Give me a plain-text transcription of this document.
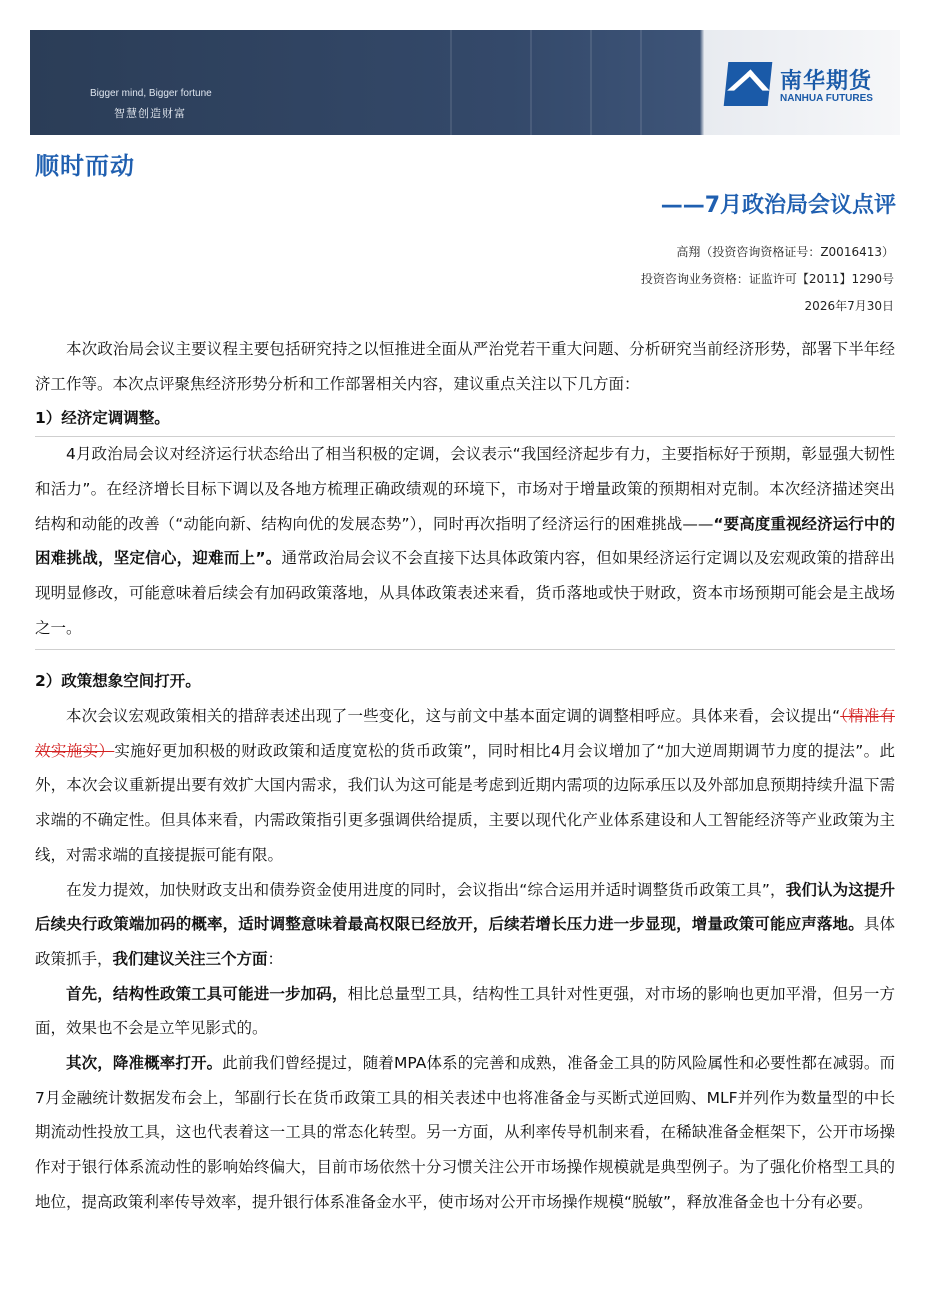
Bigger mind, Bigger fortune
智慧创造财富
南华期货
NANHUA FUTURES
顺时而动
——7月政治局会议点评
高翔（投资咨询资格证号：Z0016413）
投资咨询业务资格：证监许可【2011】1290号
2026年7月30日

本次政治局会议主要议程主要包括研究持之以恒推进全面从严治党若干重大问题、分析研究当前经济形势，部署下半年经济工作等。本次点评聚焦经济形势分析和工作部署相关内容，建议重点关注以下几方面：

1）经济定调调整。

4月政治局会议对经济运行状态给出了相当积极的定调，会议表示“我国经济起步有力，主要指标好于预期，彰显强大韧性和活力”。在经济增长目标下调以及各地方梳理正确政绩观的环境下，市场对于增量政策的预期相对克制。本次经济描述突出结构和动能的改善（“动能向新、结构向优的发展态势”），同时再次指明了经济运行的困难挑战——“要高度重视经济运行中的困难挑战，坚定信心，迎难而上”。通常政治局会议不会直接下达具体政策内容，但如果经济运行定调以及宏观政策的措辞出现明显修改，可能意味着后续会有加码政策落地，从具体政策表述来看，货币落地或快于财政，资本市场预期可能会是主战场之一。

2）政策想象空间打开。

本次会议宏观政策相关的措辞表述出现了一些变化，这与前文中基本面定调的调整相呼应。具体来看，会议提出“（精准有效实施实）实施好更加积极的财政政策和适度宽松的货币政策”，同时相比4月会议增加了“加大逆周期调节力度的提法”。此外，本次会议重新提出要有效扩大国内需求，我们认为这可能是考虑到近期内需项的边际承压以及外部加息预期持续升温下需求端的不确定性。但具体来看，内需政策指引更多强调供给提质，主要以现代化产业体系建设和人工智能经济等产业政策为主线，对需求端的直接提振可能有限。

在发力提效，加快财政支出和债券资金使用进度的同时，会议指出“综合运用并适时调整货币政策工具”，我们认为这提升后续央行政策端加码的概率，适时调整意味着最高权限已经放开，后续若增长压力进一步显现，增量政策可能应声落地。具体政策抓手，我们建议关注三个方面：

首先，结构性政策工具可能进一步加码，相比总量型工具，结构性工具针对性更强，对市场的影响也更加平滑，但另一方面，效果也不会是立竿见影式的。

其次，降准概率打开。此前我们曾经提过，随着MPA体系的完善和成熟，准备金工具的防风险属性和必要性都在减弱。而7月金融统计数据发布会上，邹副行长在货币政策工具的相关表述中也将准备金与买断式逆回购、MLF并列作为数量型的中长期流动性投放工具，这也代表着这一工具的常态化转型。另一方面，从利率传导机制来看，在稀缺准备金框架下，公开市场操作对于银行体系流动性的影响始终偏大，目前市场依然十分习惯关注公开市场操作规模就是典型例子。为了强化价格型工具的地位，提高政策利率传导效率，提升银行体系准备金水平，使市场对公开市场操作规模“脱敏”，释放准备金也十分有必要。
